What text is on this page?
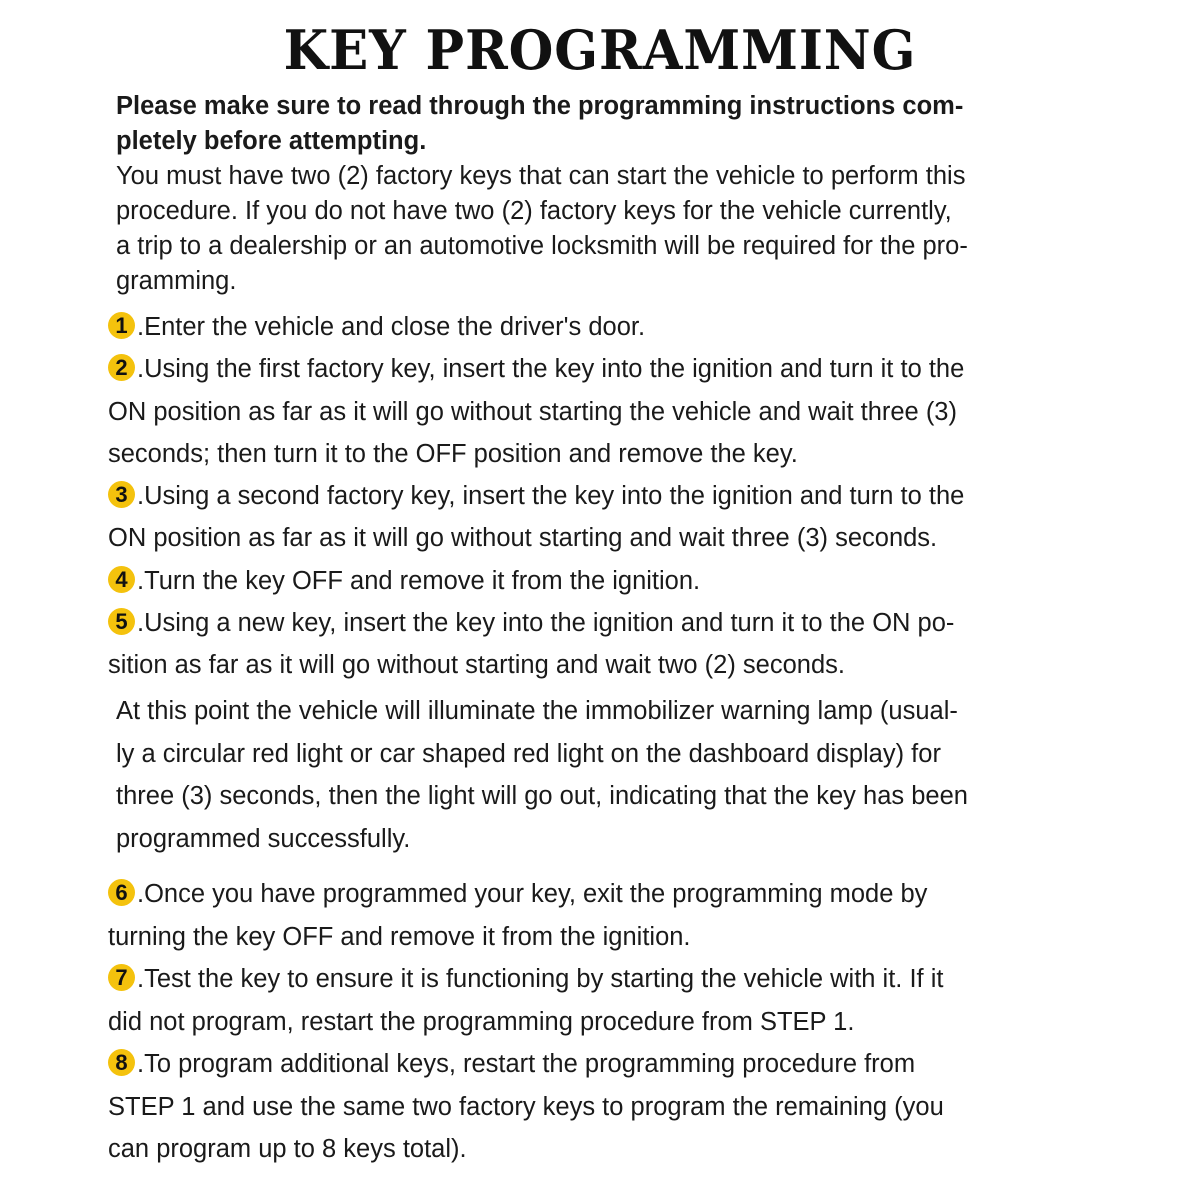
KEY PROGRAMMING
Please make sure to read through the programming instructions com-
pletely before attempting.
You must have two (2) factory keys that can start the vehicle to perform this
procedure. If you do not have two (2) factory keys for the vehicle currently,
a trip to a dealership or an automotive locksmith will be required for the pro-
gramming.
1 .Enter the vehicle and close the driver's door.
2 .Using the first factory key, insert the key into the ignition and turn it to the
ON position as far as it will go without starting the vehicle and wait three (3)
seconds; then turn it to the OFF position and remove the key.
3 .Using a second factory key, insert the key into the ignition and turn to the
ON position as far as it will go without starting and wait three (3) seconds.
4 .Turn the key OFF and remove it from the ignition.
5 .Using a new key, insert the key into the ignition and turn it to the ON po-
sition as far as it will go without starting and wait two (2) seconds.
At this point the vehicle will illuminate the immobilizer warning lamp (usual-
ly a circular red light or car shaped red light on the dashboard display) for
three (3) seconds, then the light will go out, indicating that the key has been
programmed successfully.
6 .Once you have programmed your key, exit the programming mode by
turning the key OFF and remove it from the ignition.
7 .Test the key to ensure it is functioning by starting the vehicle with it. If it
did not program, restart the programming procedure from STEP 1.
8 .To program additional keys, restart the programming procedure from
STEP 1 and use the same two factory keys to program the remaining (you
can program up to 8 keys total).
